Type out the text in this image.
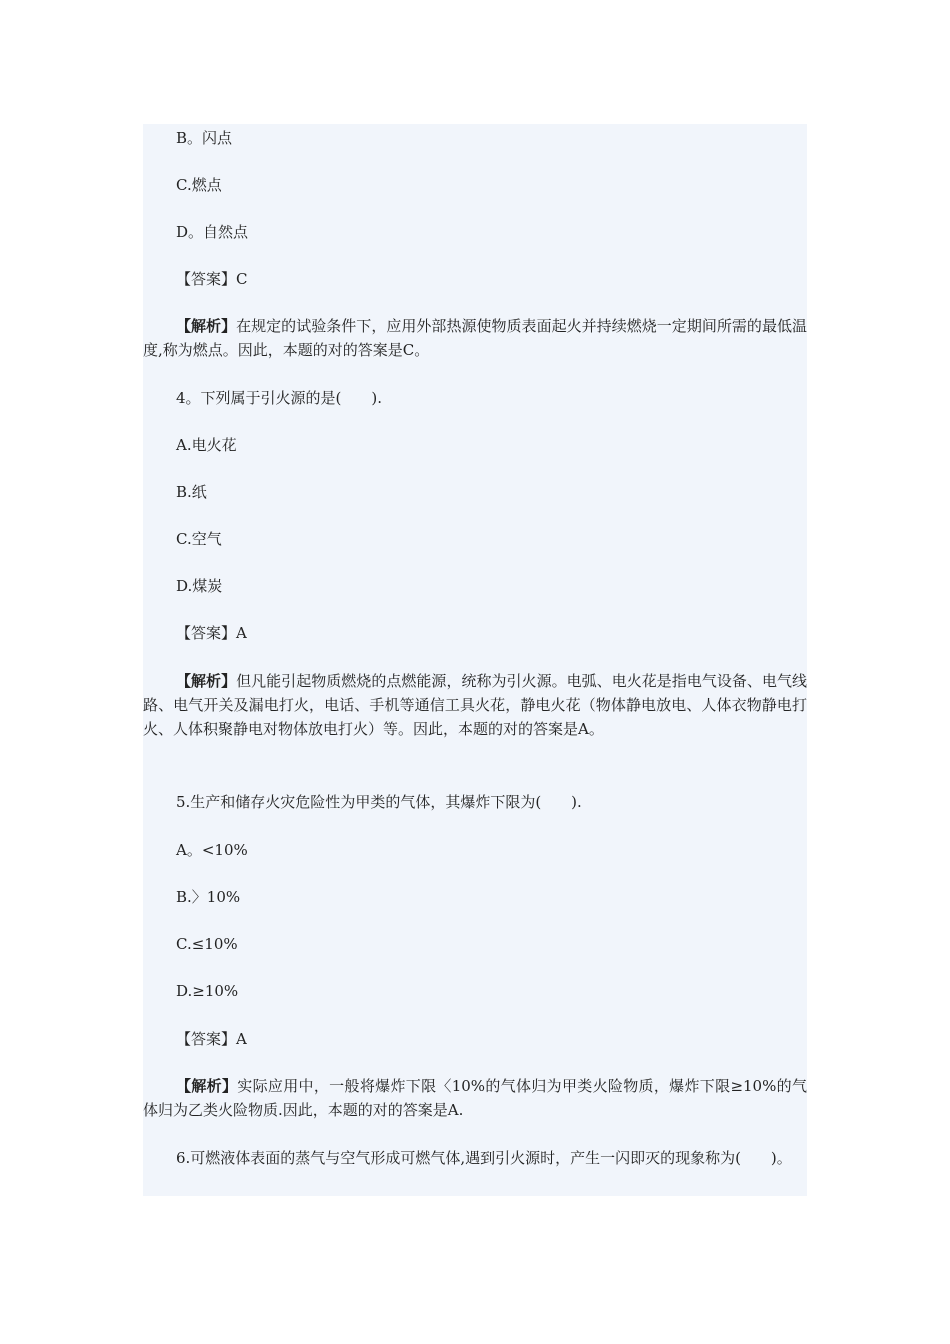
B。闪点
C.燃点
D。自然点
【答案】C
【解析】在规定的试验条件下，应用外部热源使物质表面起火并持续燃烧一定期间所需的最低温度,称为燃点。因此，本题的对的答案是C。
4。下列属于引火源的是(　　).
A.电火花
B.纸
C.空气
D.煤炭
【答案】A
【解析】但凡能引起物质燃烧的点燃能源，统称为引火源。电弧、电火花是指电气设备、电气线路、电气开关及漏电打火，电话、手机等通信工具火花，静电火花（物体静电放电、人体衣物静电打火、人体积聚静电对物体放电打火）等。因此，本题的对的答案是A。
5.生产和储存火灾危险性为甲类的气体，其爆炸下限为(　　).
A。<10%
B.〉10%
C.≤10%
D.≥10%
【答案】A
【解析】实际应用中，一般将爆炸下限〈10%的气体归为甲类火险物质，爆炸下限≥10%的气体归为乙类火险物质.因此，本题的对的答案是A.
6.可燃液体表面的蒸气与空气形成可燃气体,遇到引火源时，产生一闪即灭的现象称为(　　)。
